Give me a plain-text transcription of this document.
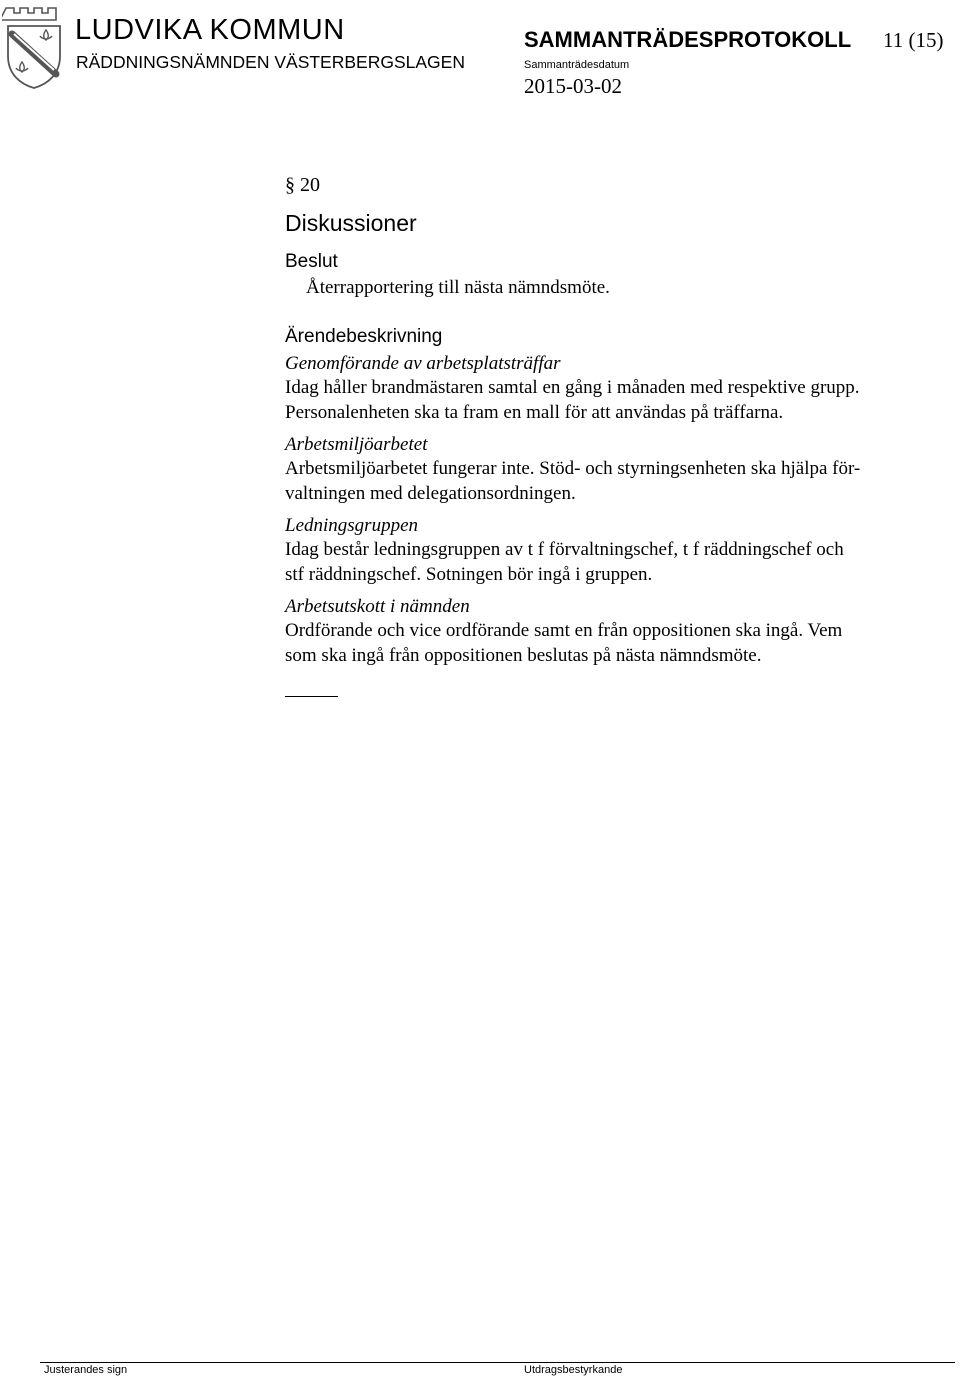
LUDVIKA KOMMUN
RÄDDNINGSNÄMNDEN VÄSTERBERGSLAGEN
SAMMANTRÄDESPROTOKOLL 11 (15)
Sammanträdesdatum
2015-03-02

§ 20

Diskussioner
Beslut

Återrapportering till nästa nämndsmöte.

Ärendebeskrivning

Genomförande av arbetsplatsträffar

Idag håller brandmästaren samtal en gång i månaden med respektive grupp.

Personalenheten ska ta fram en mall för att användas på träffarna.

Arbetsmiljöarbetet

Arbetsmiljöarbetet fungerar inte. Stöd- och styrningsenheten ska hjälpa för-

valtningen med delegationsordningen.

Ledningsgruppen

Idag består ledningsgruppen av t f förvaltningschef, t f räddningschef och

stf räddningschef. Sotningen bör ingå i gruppen.

Arbetsutskott i nämnden

Ordförande och vice ordförande samt en från oppositionen ska ingå. Vem

som ska ingå från oppositionen beslutas på nästa nämndsmöte.

Justerandes sign	Utdragsbestyrkande
